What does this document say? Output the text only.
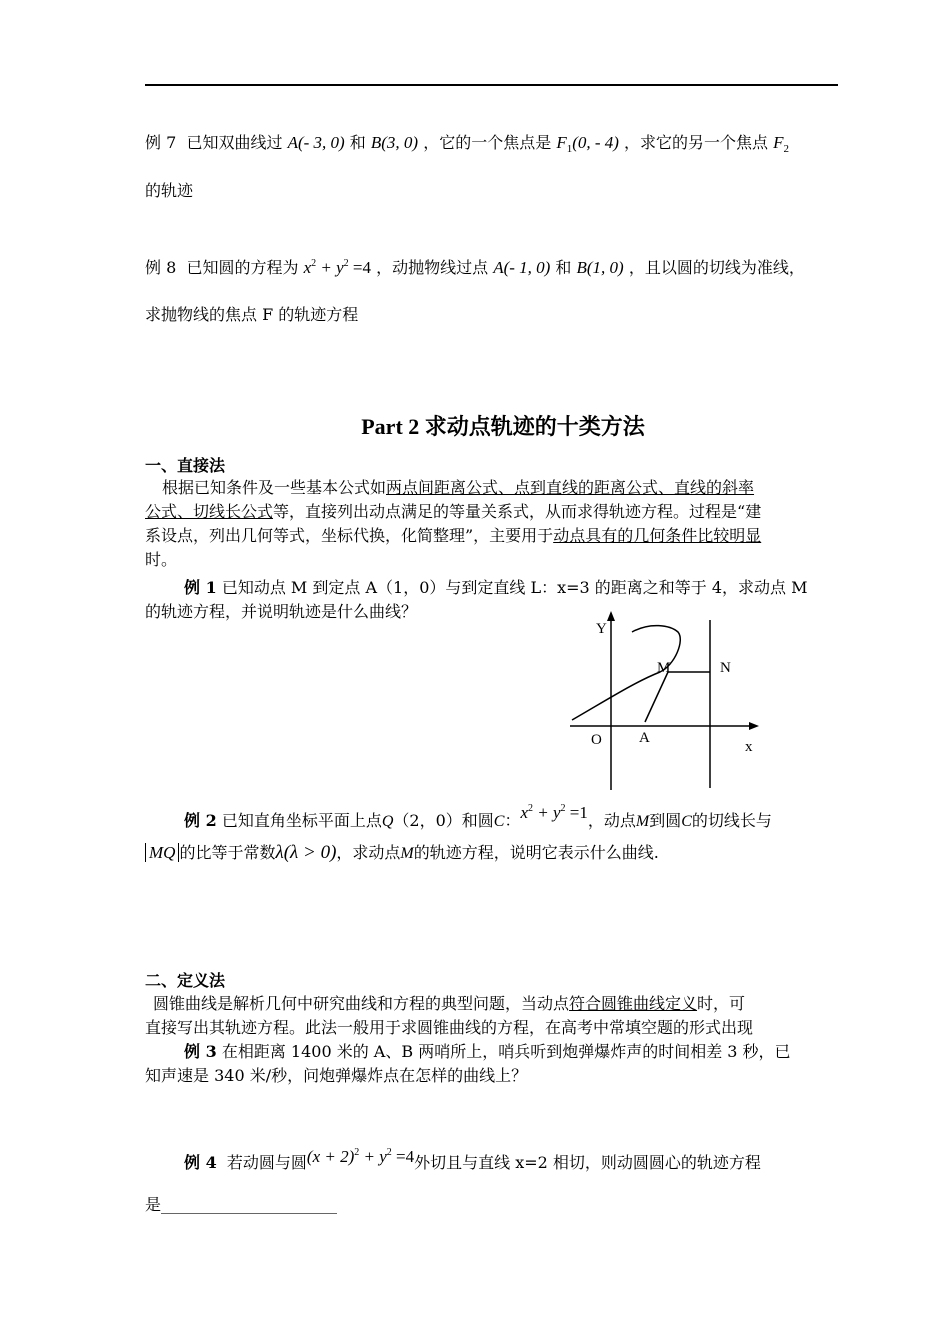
例 7 已知双曲线过 A(- 3, 0) 和 B(3, 0) ，它的一个焦点是 $F_1(0$, - 4) ，求它的另一个焦点 $F_2$
的轨迹
例 8 已知圆的方程为 $x^2 + y^2 =4$ ，动抛物线过点 A(- 1, 0) 和 B(1, 0) ，且以圆的切线为准线，
求抛物线的焦点 F 的轨迹方程
Part 2 求动点轨迹的十类方法
一、直接法
根据已知条件及一些基本公式如两点间距离公式、点到直线的距离公式、直线的斜率
公式、切线长公式等，直接列出动点满足的等量关系式，从而求得轨迹方程。过程是“建
系设点，列出几何等式，坐标代换，化简整理”，主要用于动点具有的几何条件比较明显
时。
例 1 已知动点 M 到定点 A（1，0）与到定直线 L：x=3 的距离之和等于 4，求动点 M
的轨迹方程，并说明轨迹是什么曲线？
Y
M	N
O A
x
例 2 已知直角坐标平面上点Q（2，0）和圆C：$x^2 + y^2 =1$，动点M到圆C的切线长与
MQ 的比等于常数λ(λ > 0)，求动点M的轨迹方程，说明它表示什么曲线.
二、定义法
圆锥曲线是解析几何中研究曲线和方程的典型问题，当动点符合圆锥曲线定义时，可
直接写出其轨迹方程。此法一般用于求圆锥曲线的方程，在高考中常填空题的形式出现
例 3 在相距离 1400 米的 A、B 两哨所上，哨兵听到炮弹爆炸声的时间相差 3 秒，已
知声速是 340 米/秒，问炮弹爆炸点在怎样的曲线上？
例 4 若动圆与圆$(x + 2)^2 + y^2 =4$外切且与直线 x=2 相切，则动圆圆心的轨迹方程
是______________________
